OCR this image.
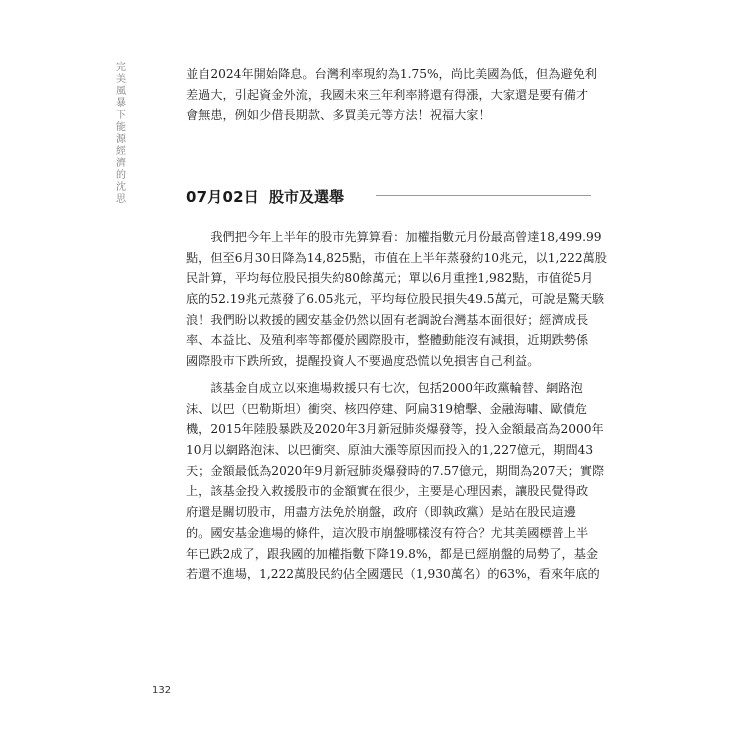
完
美
風
暴
下
能
源
經
濟
的
沈
思
並自2024年開始降息。台灣利率現約為1.75%，尚比美國為低，但為避免利
差過大，引起資金外流，我國未來三年利率將還有得漲，大家還是要有備才
會無患，例如少借長期款、多買美元等方法！祝福大家！
07月02日 股市及選舉
　　我們把今年上半年的股市先算算看：加權指數元月份最高曾達18,499.99
點，但至6月30日降為14,825點，市值在上半年蒸發約10兆元，以1,222萬股
民計算，平均每位股民損失約80餘萬元；單以6月重挫1,982點，市值從5月
底的52.19兆元蒸發了6.05兆元，平均每位股民損失49.5萬元，可說是驚天駭
浪！我們盼以救援的國安基金仍然以固有老調說台灣基本面很好；經濟成長
率、本益比、及殖利率等都優於國際股市，整體動能沒有減損，近期跌勢係
國際股市下跌所致，提醒投資人不要過度恐慌以免損害自己利益。
　　該基金自成立以來進場救援只有七次，包括2000年政黨輪替、網路泡
沫、以巴（巴勒斯坦）衝突、核四停建、阿扁319槍擊、金融海嘯、歐債危
機，2015年陸股暴跌及2020年3月新冠肺炎爆發等，投入金額最高為2000年
10月以網路泡沫、以巴衝突、原油大漲等原因而投入的1,227億元，期間43
天；金額最低為2020年9月新冠肺炎爆發時的7.57億元，期間為207天；實際
上，該基金投入救援股市的金額實在很少，主要是心理因素，讓股民覺得政
府還是關切股市，用盡方法免於崩盤，政府（即執政黨）是站在股民這邊
的。國安基金進場的條件，這次股市崩盤哪樣沒有符合？尤其美國標普上半
年已跌2成了，跟我國的加權指數下降19.8%，都是已經崩盤的局勢了，基金
若還不進場，1,222萬股民約佔全國選民（1,930萬名）的63%，看來年底的
132
